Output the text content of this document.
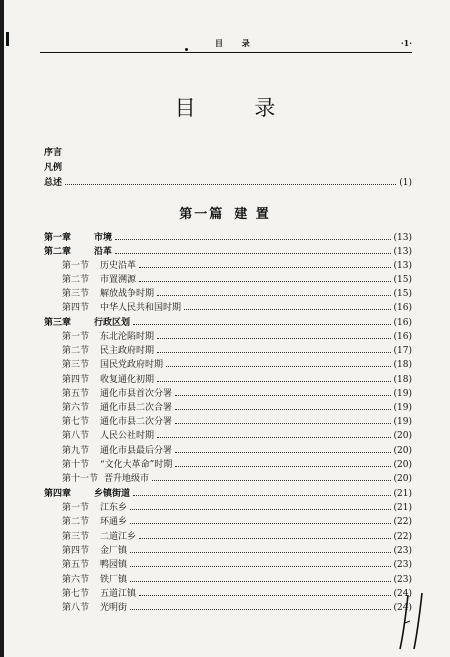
目 录	·1·
目 录
序言
凡例
总述	(1)
第一篇 建 置
第一章	市境	(13)
第二章	沿革	(13)
第一节 历史沿革	(13)
第二节 市置溯源	(15)
第三节 解放战争时期	(15)
第四节 中华人民共和国时期	(16)
第三章	行政区划	(16)
第一节 东北沦陷时期	(16)
第二节 民主政府时期	(17)
第三节 国民党政府时期	(18)
第四节 收复通化初期	(18)
第五节 通化市县首次分署	(19)
第六节 通化市县二次合署	(19)
第七节 通化市县二次分署	(19)
第八节 人民公社时期	(20)
第九节 通化市县最后分署	(20)
第十节 “文化大革命”时期	(20)
第十一节 晋升地级市	(20)
第四章	乡镇街道	(21)
第一节 江东乡	(21)
第二节 环通乡	(22)
第三节 二道江乡	(22)
第四节 金厂镇	(23)
第五节 鸭园镇	(23)
第六节 铁厂镇	(23)
第七节 五道江镇	(24)
第八节 光明街	(24)
